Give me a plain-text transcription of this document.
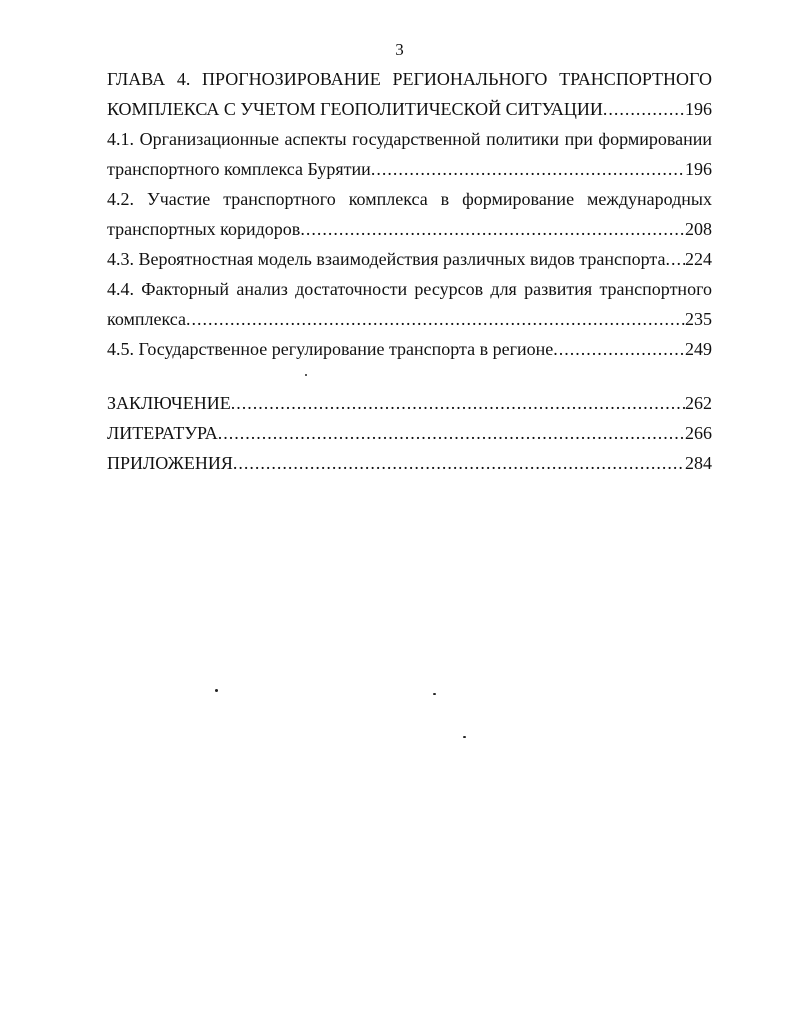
3
ГЛАВА 4. ПРОГНОЗИРОВАНИЕ РЕГИОНАЛЬНОГО ТРАНСПОРТНОГО
КОМПЛЕКСА С УЧЕТОМ ГЕОПОЛИТИЧЕСКОЙ СИТУАЦИИ .....	196
4.1. Организационные аспекты государственной политики при формировании
транспортного комплекса Бурятии .....	196
4.2. Участие транспортного комплекса в формирование международных
транспортных коридоров .....	208
4.3. Вероятностная модель взаимодействия различных видов транспорта ..... 224
4.4. Факторный анализ достаточности ресурсов для развития транспортного
комплекса .....	235
4.5. Государственное регулирование транспорта в регионе .....	249
ЗАКЛЮЧЕНИЕ .....	262
ЛИТЕРАТУРА .....	266
ПРИЛОЖЕНИЯ .....	284
